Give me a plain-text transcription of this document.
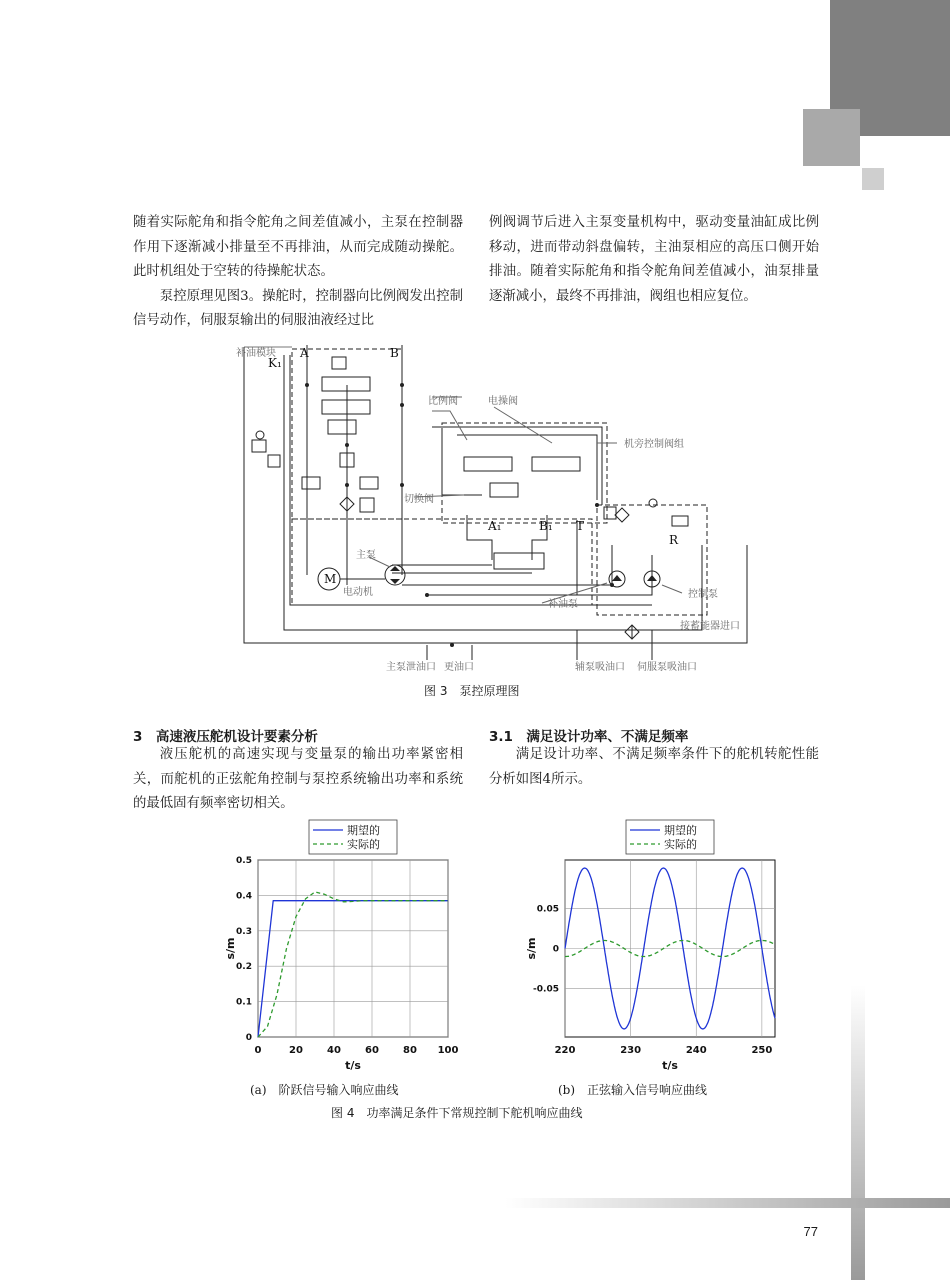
随着实际舵角和指令舵角之间差值减小，主泵在控制器作用下逐渐减小排量至不再排油，从而完成随动操舵。此时机组处于空转的待操舵状态。

泵控原理见图3。操舵时，控制器向比例阀发出控制信号动作，伺服泵输出的伺服油液经过比

例阀调节后进入主泵变量机构中，驱动变量油缸成比例移动，进而带动斜盘偏转，主油泵相应的高压口侧开始排油。随着实际舵角和指令舵角间差值减小，油泵排量逐渐减小，最终不再排油，阀组也相应复位。

补油模块
比例阀	电操阀
机旁控制阀组
切换阀
主泵
电动机
补油泵
控制泵
接蓄能器进口
主泵泄油口 更油口	辅泵吸油口 伺服泵吸油口
A	B
K₁
A₁	B₁ T
R
M
图 3　泵控原理图
3　高速液压舵机设计要素分析

液压舵机的高速实现与变量泵的输出功率紧密相关，而舵机的正弦舵角控制与泵控系统输出功率和系统的最低固有频率密切相关。

3.1　满足设计功率、不满足频率

满足设计功率、不满足频率条件下的舵机转舵性能分析如图4所示。

期望的
实际的
0	20 40 60 80 100
0
0.1
0.2
0.3
0.4
0.5
t/s
s/m
期望的
实际的
220	230	240	250
-0.05
0
0.05
t/s
s/m
(a)　阶跃信号输入响应曲线	(b)　正弦输入信号响应曲线
图 4　功率满足条件下常规控制下舵机响应曲线
77
